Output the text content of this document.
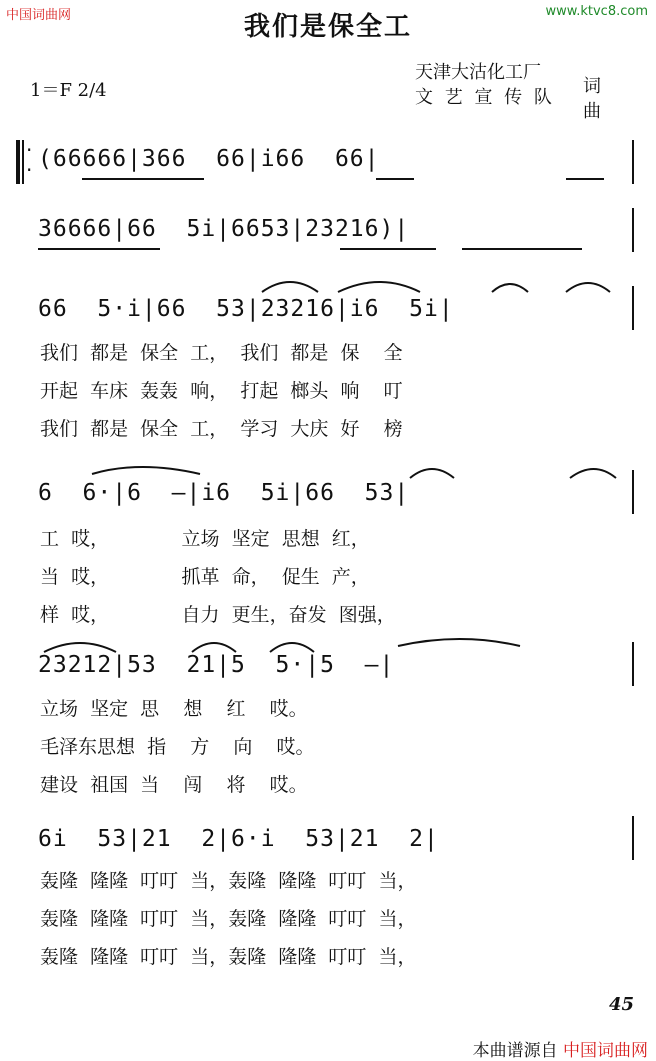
中国词曲网	www.ktvc8.com
我们是保全工
1＝F 2/4
天津大沽化工厂
文 艺 宣 传 队
词曲
·
· (66666|366  66|i66  66|
36666|66  5i|6653|23216)|
66  5·i|66  53|23216|i6  5i|
我们  都是  保全  工，  我们  都是  保    全
开起  车床  轰轰  响，  打起  榔头  响    叮
我们  都是  保全  工，  学习  大庆  好    榜
6  6·|6  —|i6  5i|66  53|
工  哎，            立场  坚定  思想  红，
当  哎，            抓革  命，  促生  产，
样  哎，            自力  更生，奋发  图强，
23212|53  21|5  5·|5  —|
立场  坚定  思    想    红    哎。
毛泽东思想  指    方    向    哎。
建设  祖国  当    闯    将    哎。
6i  53|21  2|6·i  53|21  2|
轰隆  隆隆  叮叮  当，轰隆  隆隆  叮叮  当，
轰隆  隆隆  叮叮  当，轰隆  隆隆  叮叮  当，
轰隆  隆隆  叮叮  当，轰隆  隆隆  叮叮  当，
45
本曲谱源自 中国词曲网
